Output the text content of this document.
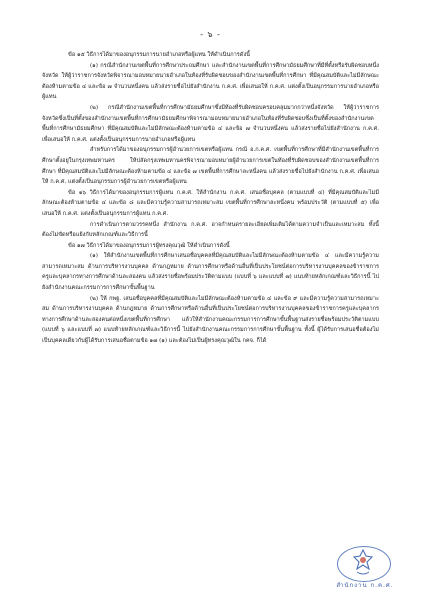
- ๖ -

ข้อ ๑๕ วิธีการได้มาของอนุกรรมการนายอำเภอหรือผู้แทน ให้ดำเนินการดังนี้

(๑) กรณีสำนักงานเขตพื้นที่การศึกษาประถมศึกษา และสำนักงานเขตพื้นที่การศึกษามัธยมศึกษาที่มีที่ตั้งหรือรับผิดชอบหนึ่งจังหวัด ให้ผู้ว่าราชการจังหวัดพิจารณามอบหมายนายอำเภอในท้องที่รับผิดชอบของสำนักงานเขตพื้นที่การศึกษา ที่มีคุณสมบัติและไม่มีลักษณะต้องห้ามตามข้อ ๔ และข้อ ๗ จำนวนหนึ่งคน แล้วส่งรายชื่อไปยังสำนักงาน ก.ค.ศ. เพื่อเสนอให้ ก.ค.ศ. แต่งตั้งเป็นอนุกรรมการนายอำเภอหรือผู้แทน

(๒) กรณีสำนักงานเขตพื้นที่การศึกษามัธยมศึกษาซึ่งมีท้องที่รับผิดชอบครอบคลุมมากกว่าหนึ่งจังหวัด ให้ผู้ว่าราชการจังหวัดซึ่งเป็นที่ตั้งของสำนักงานเขตพื้นที่การศึกษามัธยมศึกษาพิจารณามอบหมายนายอำเภอในท้องที่รับผิดชอบซึ่งเป็นที่ตั้งของสำนักงานเขตพื้นที่การศึกษามัธยมศึกษา ที่มีคุณสมบัติและไม่มีลักษณะต้องห้ามตามข้อ ๔ และข้อ ๗ จำนวนหนึ่งคน แล้วส่งรายชื่อไปยังสำนักงาน ก.ค.ศ. เพื่อเสนอให้ ก.ค.ศ. แต่งตั้งเป็นอนุกรรมการนายอำเภอหรือผู้แทน

สำหรับการได้มาของอนุกรรมการผู้อำนวยการเขตหรือผู้แทน กรณี อ.ก.ค.ศ. เขตพื้นที่การศึกษาที่มีสำนักงานเขตพื้นที่การศึกษาตั้งอยู่ในกรุงเทพมหานคร ให้ปลัดกรุงเทพมหานครพิจารณามอบหมายผู้อำนวยการเขตในท้องที่รับผิดชอบของสำนักงานเขตพื้นที่การศึกษา ที่มีคุณสมบัติและไม่มีลักษณะต้องห้ามตามข้อ ๔ และข้อ ๗ เขตพื้นที่การศึกษาละหนึ่งคน แล้วส่งรายชื่อไปยังสำนักงาน ก.ค.ศ. เพื่อเสนอให้ ก.ค.ศ. แต่งตั้งเป็นอนุกรรมการผู้อำนวยการเขตหรือผู้แทน

ข้อ ๑๖ วิธีการได้มาของอนุกรรมการผู้แทน ก.ค.ศ. ให้สำนักงาน ก.ค.ศ. เสนอชื่อบุคคล (ตามแบบที่ ๔) ที่มีคุณสมบัติและไม่มีลักษณะต้องห้ามตามข้อ ๔ และข้อ ๘ และมีความรู้ความสามารถเหมาะสม เขตพื้นที่การศึกษาละหนึ่งคน พร้อมประวัติ (ตามแบบที่ ๕) เพื่อเสนอให้ ก.ค.ศ. แต่งตั้งเป็นอนุกรรมการผู้แทน ก.ค.ศ.

การดำเนินการตามวรรคหนึ่ง สำนักงาน ก.ค.ศ. อาจกำหนดรายละเอียดเพิ่มเติมได้ตามความจำเป็นและเหมาะสม ทั้งนี้ ต้องไม่ขัดหรือแย้งกับหลักเกณฑ์และวิธีการนี้

ข้อ ๑๗ วิธีการได้มาของอนุกรรมการผู้ทรงคุณวุฒิ ให้ดำเนินการดังนี้

(๑) ให้สำนักงานเขตพื้นที่การศึกษาเสนอชื่อบุคคลที่มีคุณสมบัติและไม่มีลักษณะต้องห้ามตามข้อ ๔ และมีความรู้ความสามารถเหมาะสม ด้านการบริหารงานบุคคล ด้านกฎหมาย ด้านการศึกษาหรือด้านอื่นที่เป็นประโยชน์ต่อการบริหารงานบุคคลของข้าราชการครูและบุคลากรทางการศึกษาด้านละสองคน แล้วส่งรายชื่อพร้อมประวัติตามแบบ (แบบที่ ๖ และแบบที่ ๗) แนบท้ายหลักเกณฑ์และวิธีการนี้ ไปยังสำนักงานคณะกรรมการการศึกษาขั้นพื้นฐาน

(๒) ให้ กพฐ. เสนอชื่อบุคคลที่มีคุณสมบัติและไม่มีลักษณะต้องห้ามตามข้อ ๔ และข้อ ๙ และมีความรู้ความสามารถเหมาะสม ด้านการบริหารงานบุคคล ด้านกฎหมาย ด้านการศึกษาหรือด้านอื่นที่เป็นประโยชน์ต่อการบริหารงานบุคคลของข้าราชการครูและบุคลากรทางการศึกษาด้านละสองคนต่อหนึ่งเขตพื้นที่การศึกษา แล้วให้สำนักงานคณะกรรมการการศึกษาขั้นพื้นฐานส่งรายชื่อพร้อมประวัติตามแบบ (แบบที่ ๖ และแบบที่ ๗) แนบท้ายหลักเกณฑ์และวิธีการนี้ ไปยังสำนักงานคณะกรรมการการศึกษาขั้นพื้นฐาน ทั้งนี้ ผู้ได้รับการเสนอชื่อต้องไม่เป็นบุคคลเดียวกับผู้ได้รับการเสนอชื่อตามข้อ ๑๗ (๑) และต้องไม่เป็นผู้ทรงคุณวุฒิใน กคจ. ก็ได้

สำนักงาน ก.ค.ศ.
